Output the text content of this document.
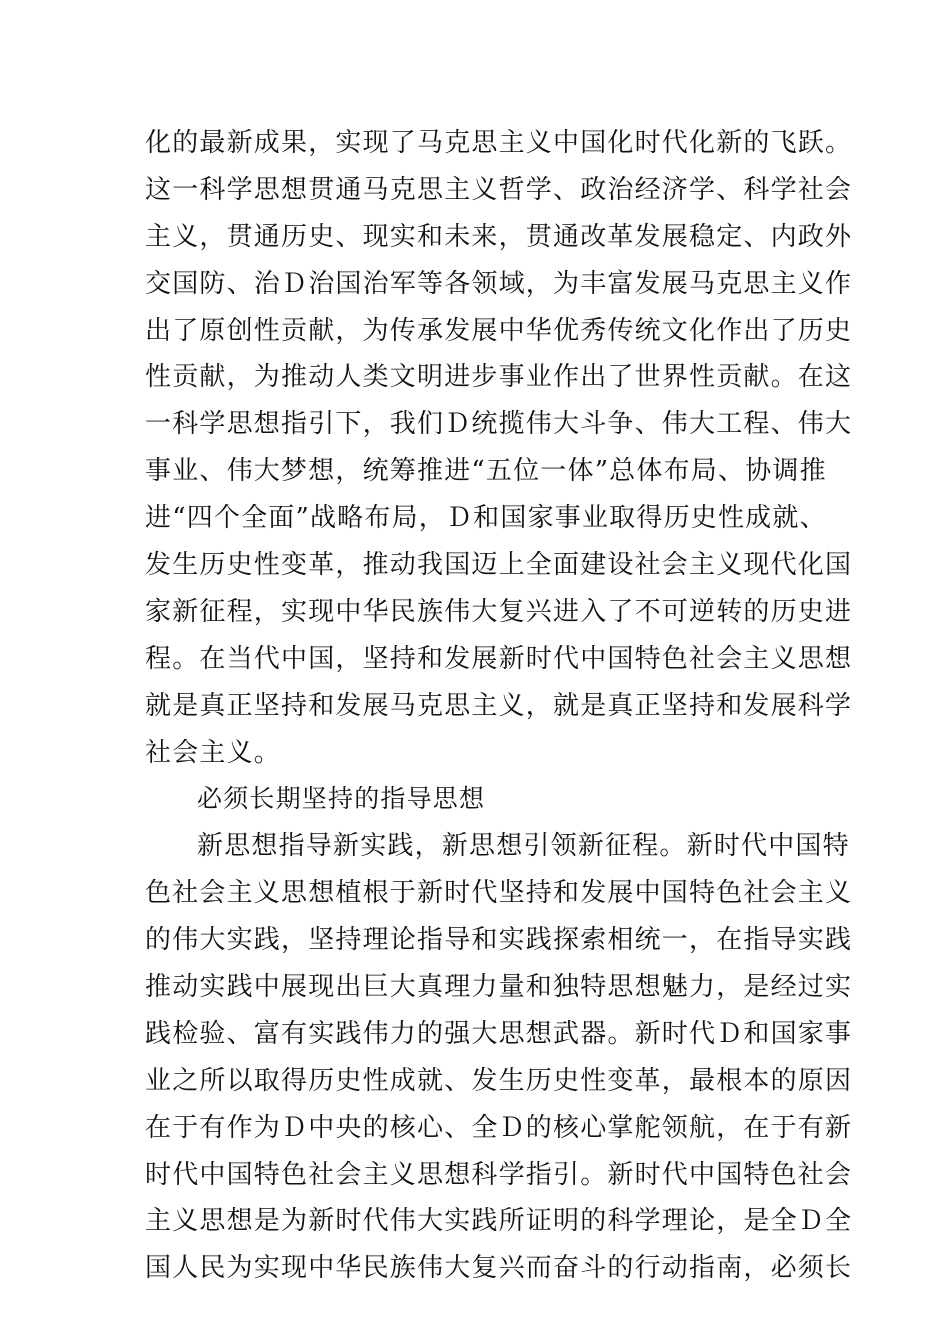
化的最新成果，实现了马克思主义中国化时代化新的飞跃。
这一科学思想贯通马克思主义哲学、政治经济学、科学社会
主义，贯通历史、现实和未来，贯通改革发展稳定、内政外
交国防、治Ｄ治国治军等各领域，为丰富发展马克思主义作
出了原创性贡献，为传承发展中华优秀传统文化作出了历史
性贡献，为推动人类文明进步事业作出了世界性贡献。在这
一科学思想指引下，我们Ｄ统揽伟大斗争、伟大工程、伟大
事业、伟大梦想，统筹推进“五位一体”总体布局、协调推
进“四个全面”战略布局，Ｄ和国家事业取得历史性成就、
发生历史性变革，推动我国迈上全面建设社会主义现代化国
家新征程，实现中华民族伟大复兴进入了不可逆转的历史进
程。在当代中国，坚持和发展新时代中国特色社会主义思想
就是真正坚持和发展马克思主义，就是真正坚持和发展科学
社会主义。
必须长期坚持的指导思想
新思想指导新实践，新思想引领新征程。新时代中国特
色社会主义思想植根于新时代坚持和发展中国特色社会主义
的伟大实践，坚持理论指导和实践探索相统一，在指导实践
推动实践中展现出巨大真理力量和独特思想魅力，是经过实
践检验、富有实践伟力的强大思想武器。新时代Ｄ和国家事
业之所以取得历史性成就、发生历史性变革，最根本的原因
在于有作为Ｄ中央的核心、全Ｄ的核心掌舵领航，在于有新
时代中国特色社会主义思想科学指引。新时代中国特色社会
主义思想是为新时代伟大实践所证明的科学理论，是全Ｄ全
国人民为实现中华民族伟大复兴而奋斗的行动指南，必须长
